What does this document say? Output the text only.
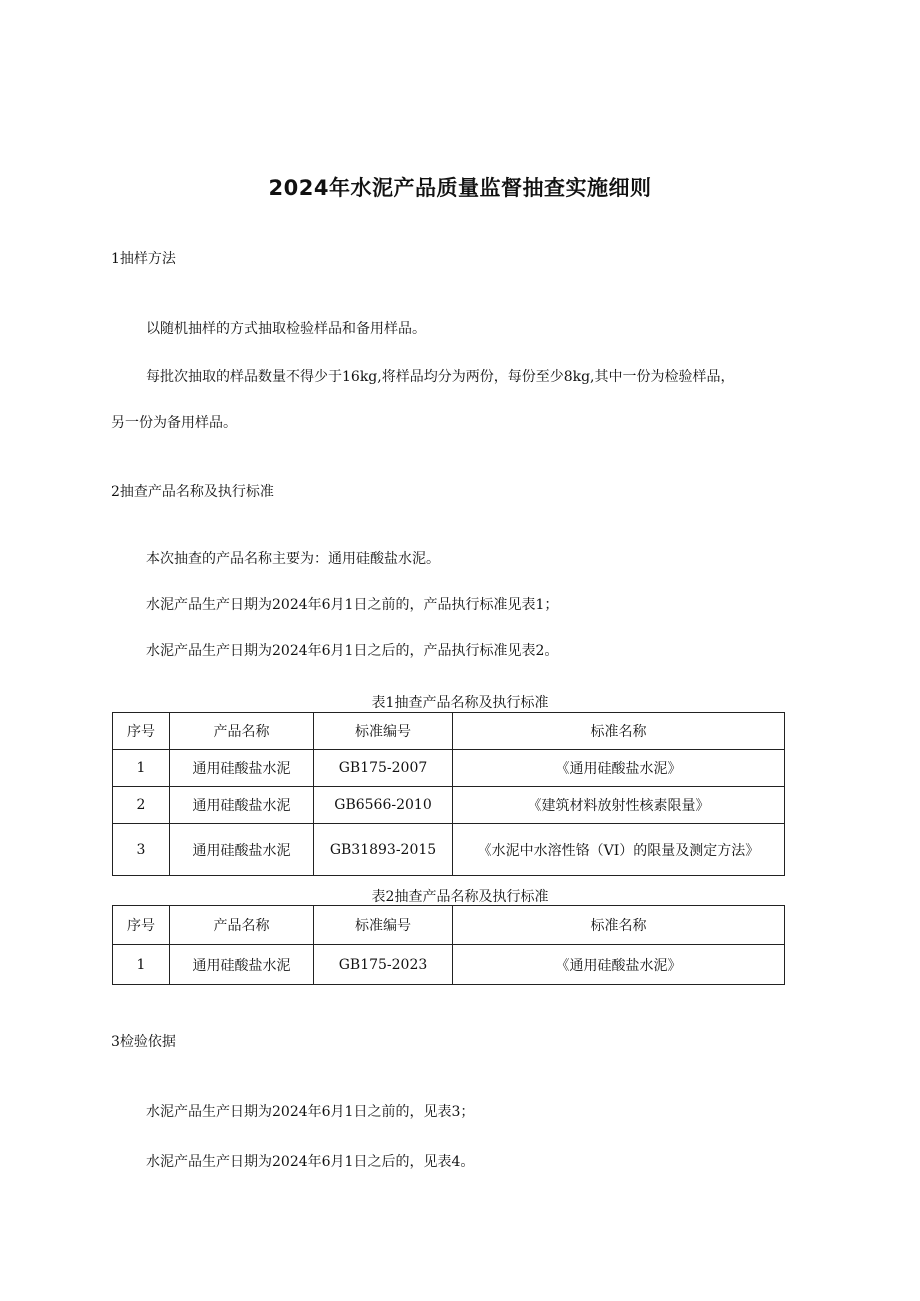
2024年水泥产品质量监督抽查实施细则
1抽样方法
以随机抽样的方式抽取检验样品和备用样品。
每批次抽取的样品数量不得少于16kg,将样品均分为两份，每份至少8kg,其中一份为检验样品，
另一份为备用样品。
2抽查产品名称及执行标准
本次抽查的产品名称主要为：通用硅酸盐水泥。
水泥产品生产日期为2024年6月1日之前的，产品执行标准见表1；
水泥产品生产日期为2024年6月1日之后的，产品执行标准见表2。
表1抽查产品名称及执行标准
序号	产品名称	标准编号	标准名称
1	通用硅酸盐水泥	GB175-2007	《通用硅酸盐水泥》
2	通用硅酸盐水泥	GB6566-2010	《建筑材料放射性核素限量》
3	通用硅酸盐水泥	GB31893-2015	《水泥中水溶性铬（VI）的限量及测定方法》
表2抽查产品名称及执行标准
序号	产品名称	标准编号	标准名称
1	通用硅酸盐水泥	GB175-2023	《通用硅酸盐水泥》
3检验依据
水泥产品生产日期为2024年6月1日之前的，见表3；
水泥产品生产日期为2024年6月1日之后的，见表4。
